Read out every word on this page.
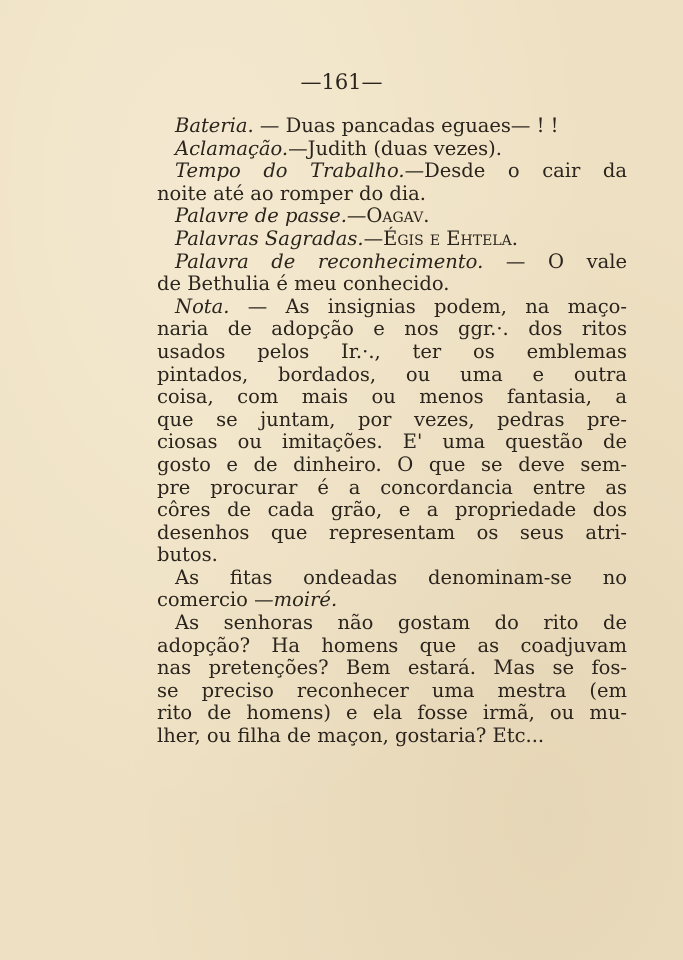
—161—
Bateria. — Duas pancadas eguaes— ! !
Aclamação.—Judith (duas vezes).
Tempo do Trabalho.—Desde o cair da
noite até ao romper do dia.
Palavre de passe.—Oagav.
Palavras Sagradas.—Égis e Ehtela.
Palavra de reconhecimento. — O vale
de Bethulia é meu conhecido.
Nota. — As insignias podem, na maço-
naria de adopção e nos ggr.·. dos ritos
usados pelos Ir.·., ter os emblemas
pintados, bordados, ou uma e outra
coisa, com mais ou menos fantasia, a
que se juntam, por vezes, pedras pre-
ciosas ou imitações. E' uma questão de
gosto e de dinheiro. O que se deve sem-
pre procurar é a concordancia entre as
côres de cada grão, e a propriedade dos
desenhos que representam os seus atri-
butos.
As fitas ondeadas denominam-se no
comercio —moiré.
As senhoras não gostam do rito de
adopção? Ha homens que as coadjuvam
nas pretenções? Bem estará. Mas se fos-
se preciso reconhecer uma mestra (em
rito de homens) e ela fosse irmã, ou mu-
lher, ou filha de maçon, gostaria? Etc...
